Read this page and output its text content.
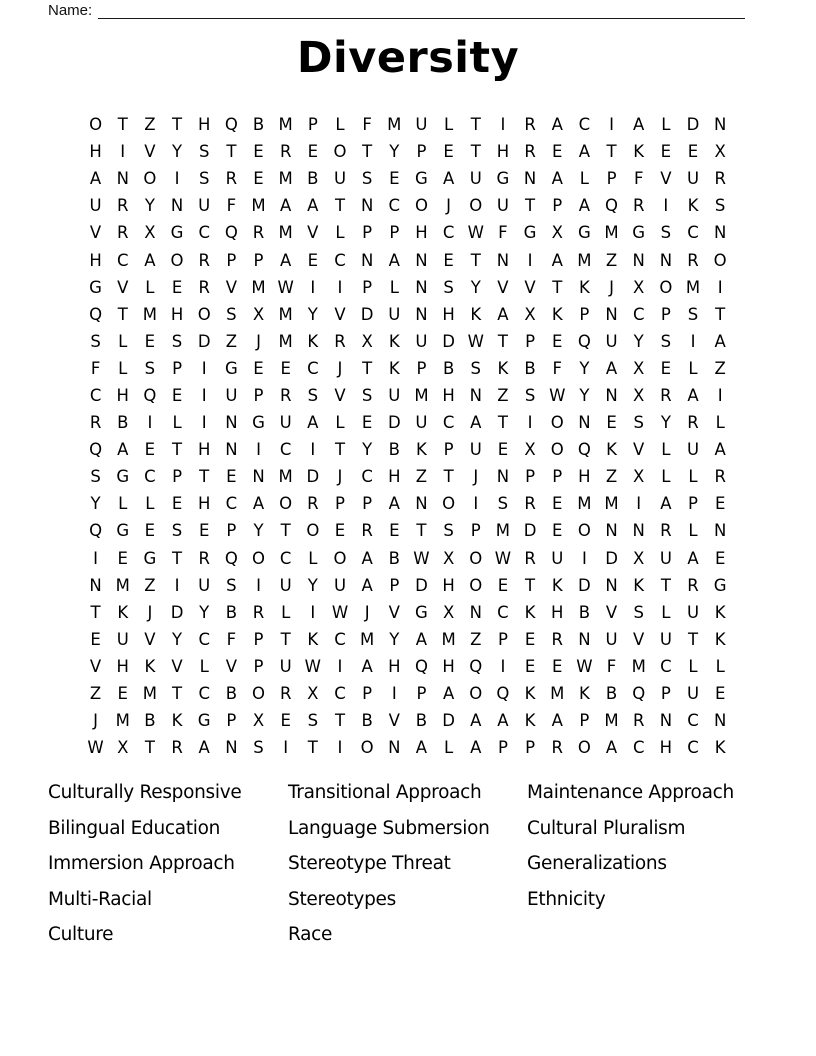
Name:
Diversity
O T Z T H Q B M P	L	F M U	L	T	I	R A C	I	A	L D N
H	I	V Y	S	T	E R E O T	Y	P	E	T H R E A T	K	E	E X
A N O	I	S R E M B U S	E G A U G N A	L	P	F	V U R
U R Y N U F M A A T N C O	J	O U T	P	A Q R	I	K	S
V R X G C Q R M V	L	P	P H C W F G X G M G S C N
H C A O R P	P	A E C N A N E	T N	I	A M Z N N R O
G V	L	E R V M W	I	I	P	L N S	Y V V T	K	J	X O M	I
Q T M H O S X M Y V D U N H K A X K	P N C P	S	T
S	L	E	S D Z	J	M K R X K U D W T	P	E Q U Y	S	I	A
F	L	S	P	I	G E	E C	J	T	K	P	B S	K B	F	Y A X E	L	Z
C H Q E	I	U P R S V S U M H N Z S W Y N X R A	I
R B	I	L	I	N G U A	L	E D U C A T	I	O N E	S	Y R	L
Q A E	T H N	I	C	I	T	Y B K	P U E X O Q K V	L	U A
S G C P	T	E N M D	J	C H Z T	J	N P	P H Z X	L	L	R
Y	L	L	E H C A O R P	P	A N O	I	S R E M M	I	A	P	E
Q G E	S	E	P	Y	T O E R E	T	S	P M D E O N N R	L N
I	E G T R Q O C	L O A B W X O W R U	I	D X U A E
N M Z	I	U S	I	U Y U A	P D H O E	T	K D N K	T R G
T	K	J	D Y B R	L	I	W	J	V G X N C K H B V S	L	U K
E U V Y C	F	P	T	K C M Y A M Z	P	E R N U V U T	K
V H K V	L	V	P U W	I	A H Q H Q	I	E	E W F M C	L	L
Z E M T C B O R X C P	I	P	A O Q K M K B Q P U E
J	M B K G P	X E	S	T B V B D A A K A	P M R N C N
W X T R A N S	I	T	I	O N A	L	A	P	P R O A C H C K
Culturally Responsive
Bilingual Education
Immersion Approach
Multi-Racial
Culture
Transitional Approach
Language Submersion
Stereotype Threat
Stereotypes
Race
Maintenance Approach
Cultural Pluralism
Generalizations
Ethnicity
